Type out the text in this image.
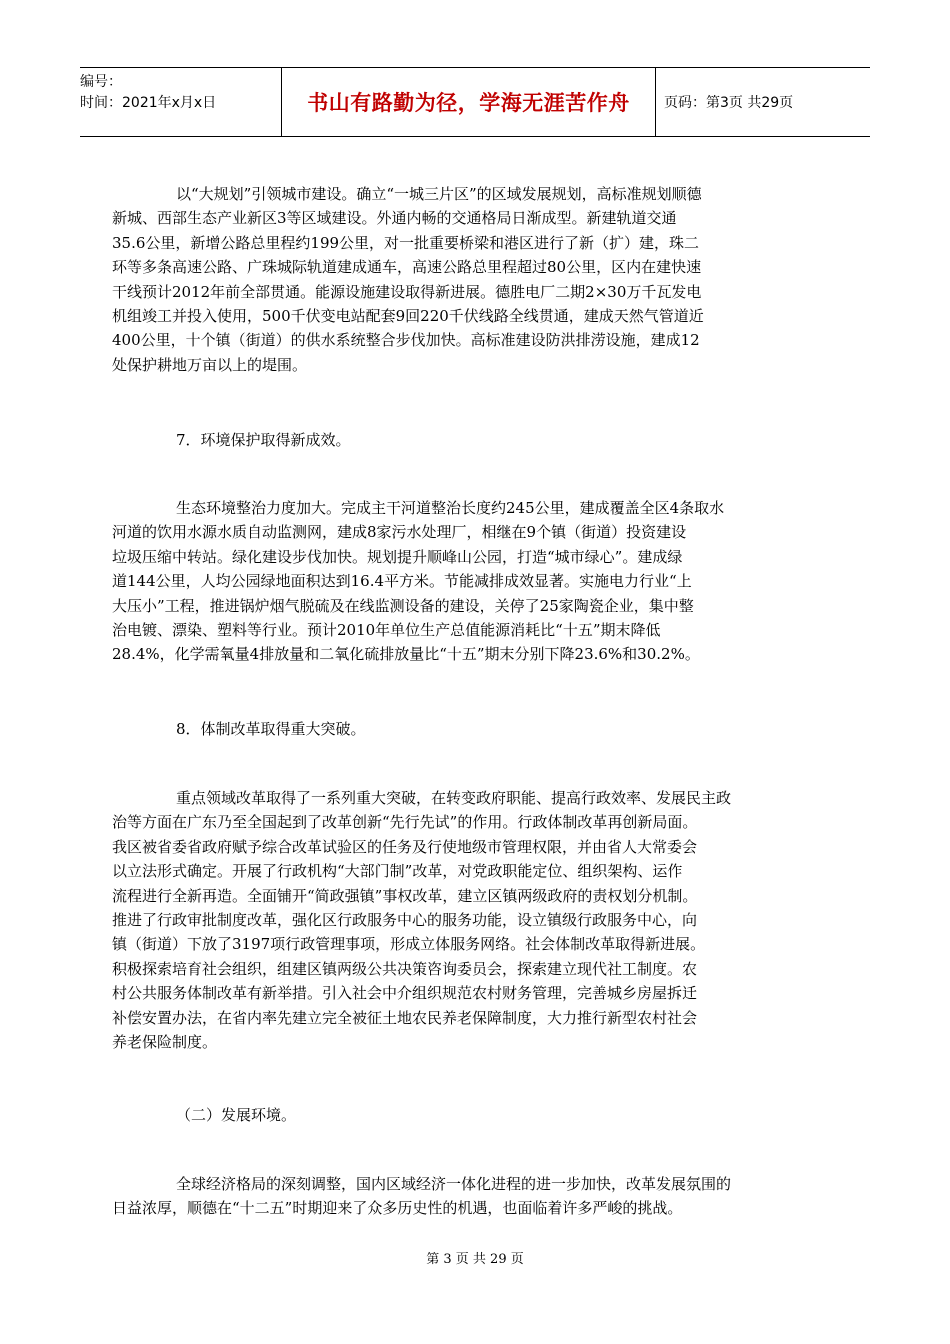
编号：
时间：2021年x月x日	书山有路勤为径，学海无涯苦作舟	页码：第3页 共29页
以“大规划”引领城市建设。确立“一城三片区”的区域发展规划，高标准规划顺德
新城、西部生态产业新区3等区域建设。外通内畅的交通格局日渐成型。新建轨道交通
35.6公里，新增公路总里程约199公里，对一批重要桥梁和港区进行了新（扩）建，珠二
环等多条高速公路、广珠城际轨道建成通车，高速公路总里程超过80公里，区内在建快速
干线预计2012年前全部贯通。能源设施建设取得新进展。德胜电厂二期2×30万千瓦发电
机组竣工并投入使用，500千伏变电站配套9回220千伏线路全线贯通，建成天然气管道近
400公里，十个镇（街道）的供水系统整合步伐加快。高标准建设防洪排涝设施，建成12
处保护耕地万亩以上的堤围。
7．环境保护取得新成效。
生态环境整治力度加大。完成主干河道整治长度约245公里，建成覆盖全区4条取水
河道的饮用水源水质自动监测网，建成8家污水处理厂，相继在9个镇（街道）投资建设
垃圾压缩中转站。绿化建设步伐加快。规划提升顺峰山公园，打造“城市绿心”。建成绿
道144公里，人均公园绿地面积达到16.4平方米。节能减排成效显著。实施电力行业“上
大压小”工程，推进锅炉烟气脱硫及在线监测设备的建设，关停了25家陶瓷企业，集中整
治电镀、漂染、塑料等行业。预计2010年单位生产总值能源消耗比“十五”期末降低
28.4%，化学需氧量4排放量和二氧化硫排放量比“十五”期末分别下降23.6%和30.2%。
8．体制改革取得重大突破。
重点领域改革取得了一系列重大突破，在转变政府职能、提高行政效率、发展民主政
治等方面在广东乃至全国起到了改革创新“先行先试”的作用。行政体制改革再创新局面。
我区被省委省政府赋予综合改革试验区的任务及行使地级市管理权限，并由省人大常委会
以立法形式确定。开展了行政机构“大部门制”改革，对党政职能定位、组织架构、运作
流程进行全新再造。全面铺开“简政强镇”事权改革，建立区镇两级政府的责权划分机制。
推进了行政审批制度改革，强化区行政服务中心的服务功能，设立镇级行政服务中心，向
镇（街道）下放了3197项行政管理事项，形成立体服务网络。社会体制改革取得新进展。
积极探索培育社会组织，组建区镇两级公共决策咨询委员会，探索建立现代社工制度。农
村公共服务体制改革有新举措。引入社会中介组织规范农村财务管理，完善城乡房屋拆迁
补偿安置办法，在省内率先建立完全被征土地农民养老保障制度，大力推行新型农村社会
养老保险制度。
（二）发展环境。
全球经济格局的深刻调整，国内区域经济一体化进程的进一步加快，改革发展氛围的
日益浓厚，顺德在“十二五”时期迎来了众多历史性的机遇，也面临着许多严峻的挑战。
第 3 页 共 29 页
